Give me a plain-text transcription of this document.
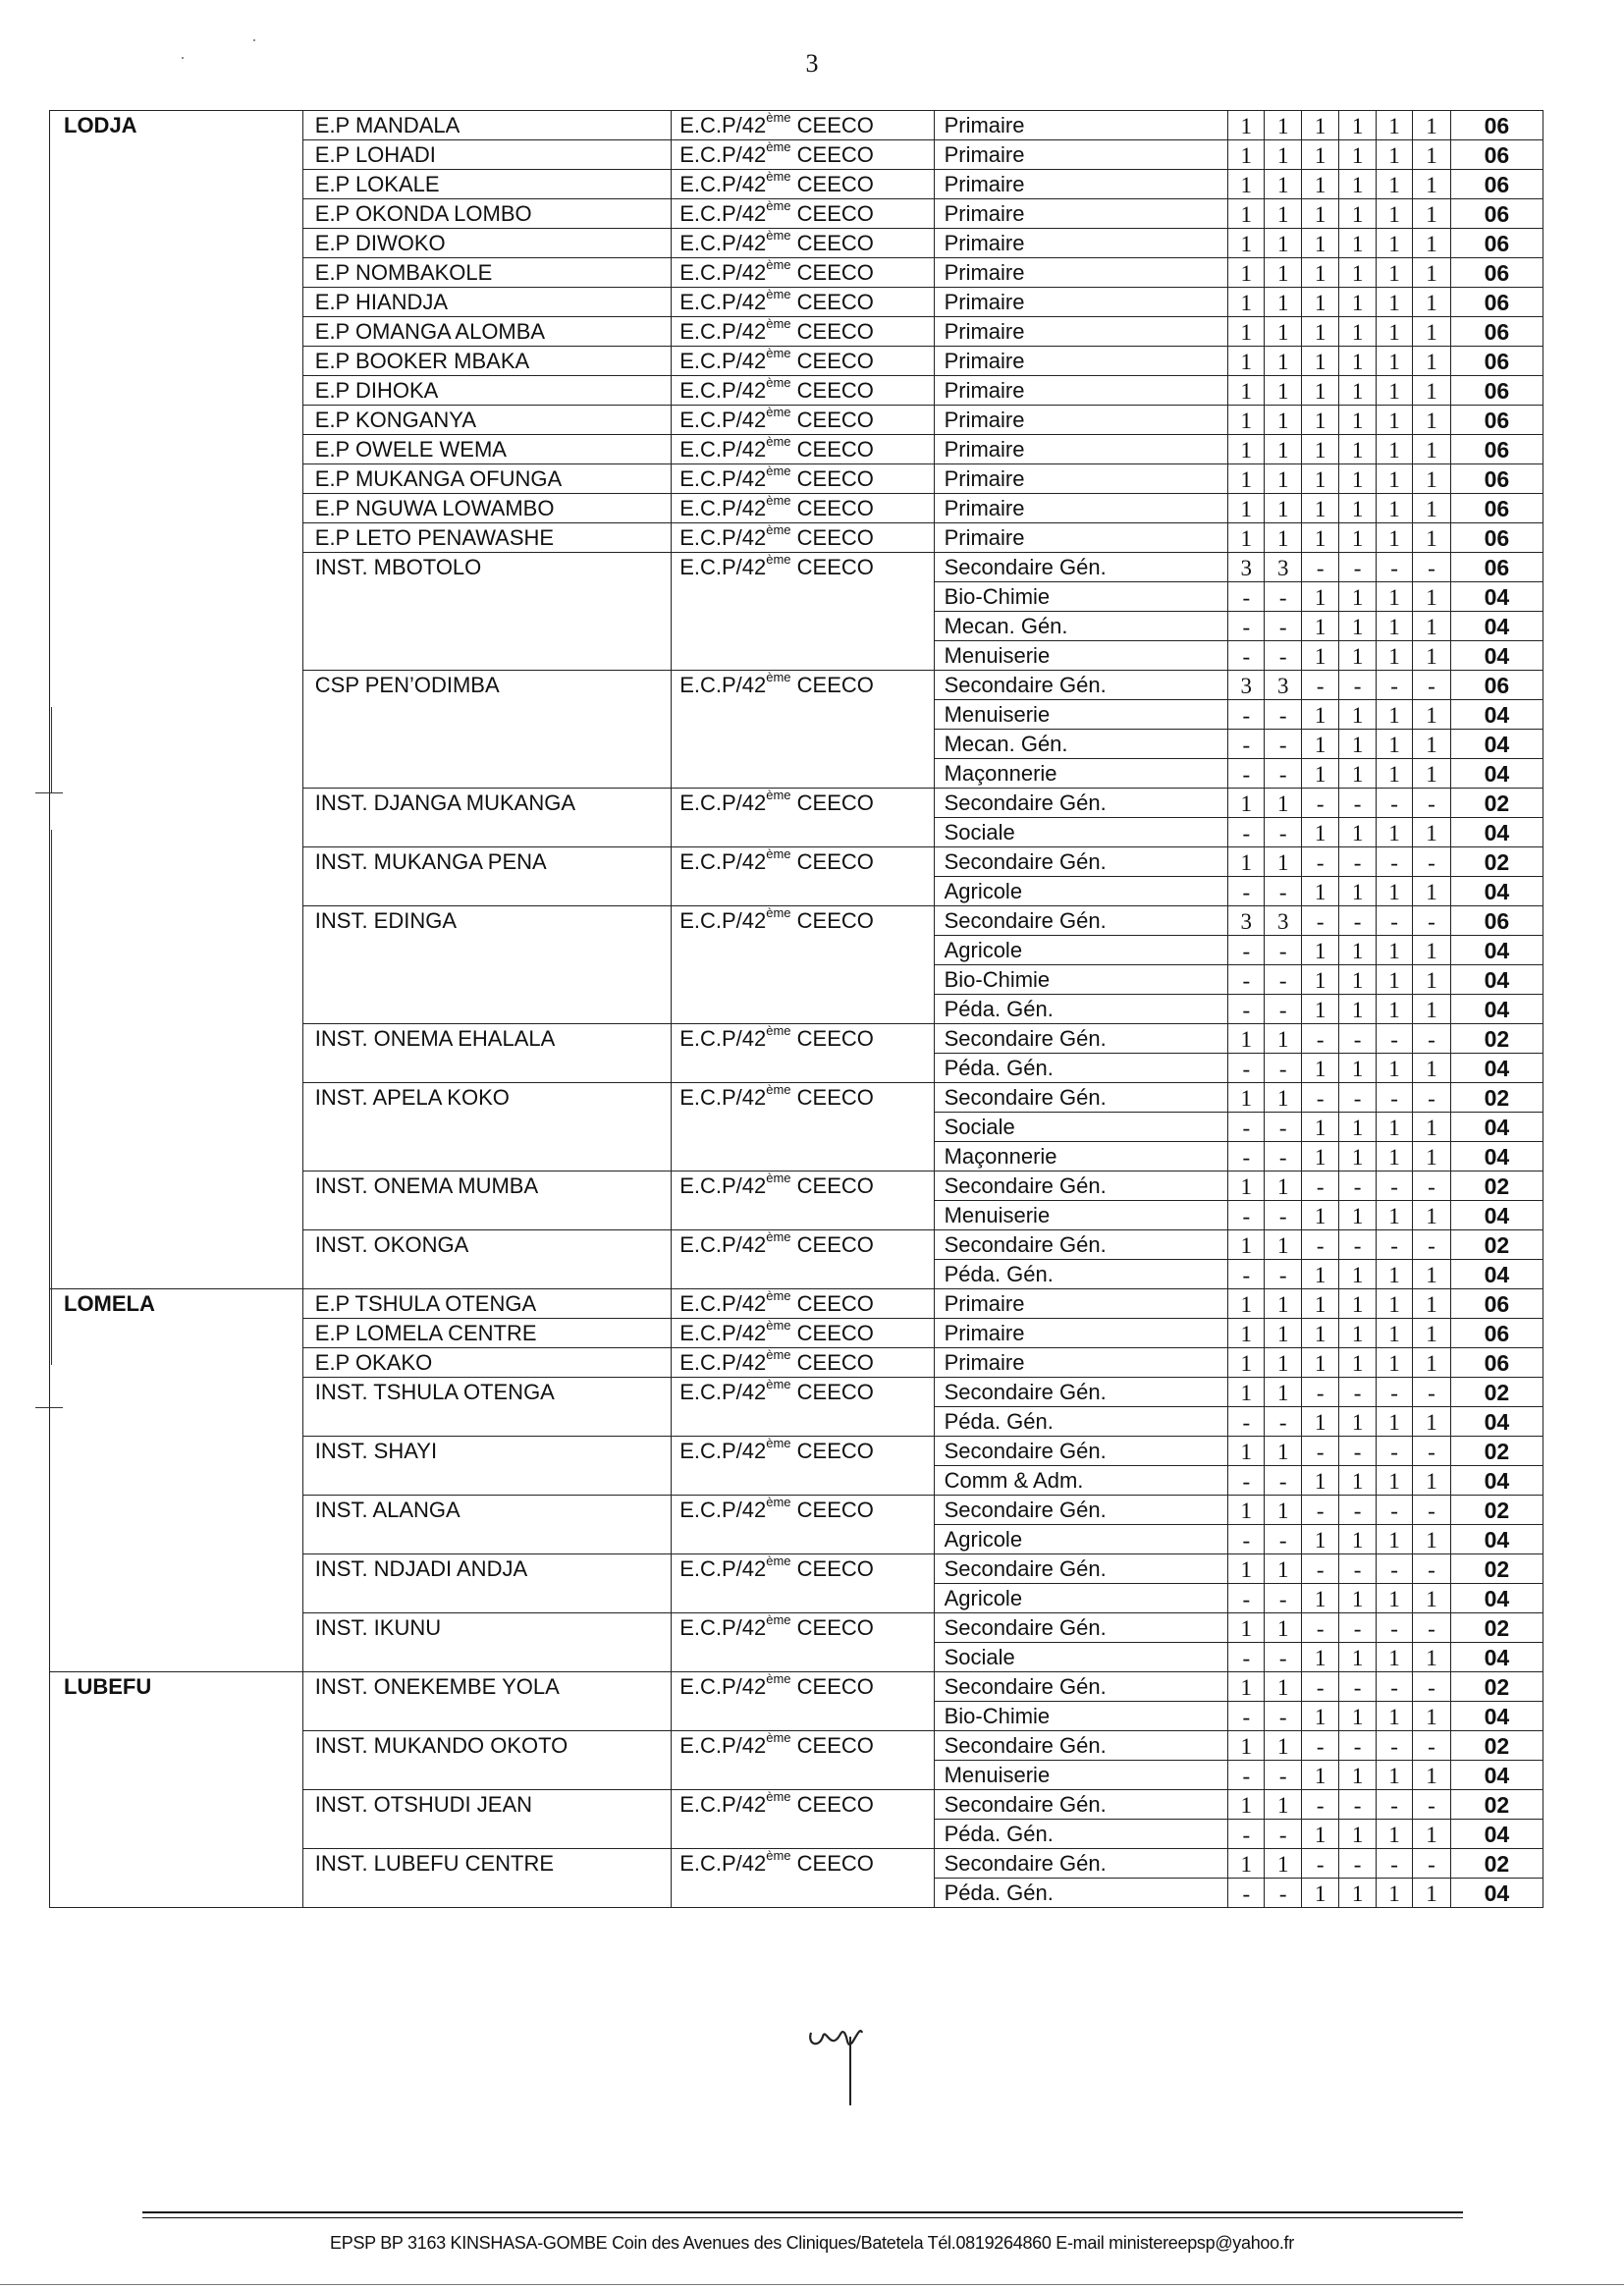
3
LODJA	E.P MANDALA	E.C.P/42ème CEECO	Primaire	1	1	1	1	1	1	06
	E.P LOHADI	E.C.P/42ème CEECO	Primaire	1	1	1	1	1	1	06
	E.P LOKALE	E.C.P/42ème CEECO	Primaire	1	1	1	1	1	1	06
	E.P OKONDA LOMBO	E.C.P/42ème CEECO	Primaire	1	1	1	1	1	1	06
	E.P DIWOKO	E.C.P/42ème CEECO	Primaire	1	1	1	1	1	1	06
	E.P NOMBAKOLE	E.C.P/42ème CEECO	Primaire	1	1	1	1	1	1	06
	E.P HIANDJA	E.C.P/42ème CEECO	Primaire	1	1	1	1	1	1	06
	E.P OMANGA ALOMBA	E.C.P/42ème CEECO	Primaire	1	1	1	1	1	1	06
	E.P BOOKER MBAKA	E.C.P/42ème CEECO	Primaire	1	1	1	1	1	1	06
	E.P DIHOKA	E.C.P/42ème CEECO	Primaire	1	1	1	1	1	1	06
	E.P KONGANYA	E.C.P/42ème CEECO	Primaire	1	1	1	1	1	1	06
	E.P OWELE WEMA	E.C.P/42ème CEECO	Primaire	1	1	1	1	1	1	06
	E.P MUKANGA OFUNGA	E.C.P/42ème CEECO	Primaire	1	1	1	1	1	1	06
	E.P NGUWA LOWAMBO	E.C.P/42ème CEECO	Primaire	1	1	1	1	1	1	06
	E.P LETO PENAWASHE	E.C.P/42ème CEECO	Primaire	1	1	1	1	1	1	06
	INST. MBOTOLO	E.C.P/42ème CEECO	Secondaire Gén.	3	3	-	-	-	-	06
			Bio-Chimie	-	-	1	1	1	1	04
			Mecan. Gén.	-	-	1	1	1	1	04
			Menuiserie	-	-	1	1	1	1	04
	CSP PEN’ODIMBA	E.C.P/42ème CEECO	Secondaire Gén.	3	3	-	-	-	-	06
			Menuiserie	-	-	1	1	1	1	04
			Mecan. Gén.	-	-	1	1	1	1	04
			Maçonnerie	-	-	1	1	1	1	04
	INST. DJANGA MUKANGA	E.C.P/42ème CEECO	Secondaire Gén.	1	1	-	-	-	-	02
			Sociale	-	-	1	1	1	1	04
	INST. MUKANGA PENA	E.C.P/42ème CEECO	Secondaire Gén.	1	1	-	-	-	-	02
			Agricole	-	-	1	1	1	1	04
	INST. EDINGA	E.C.P/42ème CEECO	Secondaire Gén.	3	3	-	-	-	-	06
			Agricole	-	-	1	1	1	1	04
			Bio-Chimie	-	-	1	1	1	1	04
			Péda. Gén.	-	-	1	1	1	1	04
	INST. ONEMA EHALALA	E.C.P/42ème CEECO	Secondaire Gén.	1	1	-	-	-	-	02
			Péda. Gén.	-	-	1	1	1	1	04
	INST. APELA KOKO	E.C.P/42ème CEECO	Secondaire Gén.	1	1	-	-	-	-	02
			Sociale	-	-	1	1	1	1	04
			Maçonnerie	-	-	1	1	1	1	04
	INST. ONEMA MUMBA	E.C.P/42ème CEECO	Secondaire Gén.	1	1	-	-	-	-	02
			Menuiserie	-	-	1	1	1	1	04
	INST. OKONGA	E.C.P/42ème CEECO	Secondaire Gén.	1	1	-	-	-	-	02
			Péda. Gén.	-	-	1	1	1	1	04
LOMELA	E.P TSHULA OTENGA	E.C.P/42ème CEECO	Primaire	1	1	1	1	1	1	06
	E.P LOMELA CENTRE	E.C.P/42ème CEECO	Primaire	1	1	1	1	1	1	06
	E.P OKAKO	E.C.P/42ème CEECO	Primaire	1	1	1	1	1	1	06
	INST. TSHULA OTENGA	E.C.P/42ème CEECO	Secondaire Gén.	1	1	-	-	-	-	02
			Péda. Gén.	-	-	1	1	1	1	04
	INST. SHAYI	E.C.P/42ème CEECO	Secondaire Gén.	1	1	-	-	-	-	02
			Comm & Adm.	-	-	1	1	1	1	04
	INST. ALANGA	E.C.P/42ème CEECO	Secondaire Gén.	1	1	-	-	-	-	02
			Agricole	-	-	1	1	1	1	04
	INST. NDJADI ANDJA	E.C.P/42ème CEECO	Secondaire Gén.	1	1	-	-	-	-	02
			Agricole	-	-	1	1	1	1	04
	INST. IKUNU	E.C.P/42ème CEECO	Secondaire Gén.	1	1	-	-	-	-	02
			Sociale	-	-	1	1	1	1	04
LUBEFU	INST. ONEKEMBE YOLA	E.C.P/42ème CEECO	Secondaire Gén.	1	1	-	-	-	-	02
			Bio-Chimie	-	-	1	1	1	1	04
	INST. MUKANDO OKOTO	E.C.P/42ème CEECO	Secondaire Gén.	1	1	-	-	-	-	02
			Menuiserie	-	-	1	1	1	1	04
	INST. OTSHUDI JEAN	E.C.P/42ème CEECO	Secondaire Gén.	1	1	-	-	-	-	02
			Péda. Gén.	-	-	1	1	1	1	04
	INST. LUBEFU CENTRE	E.C.P/42ème CEECO	Secondaire Gén.	1	1	-	-	-	-	02
			Péda. Gén.	-	-	1	1	1	1	04
EPSP BP 3163 KINSHASA-GOMBE Coin des Avenues des Cliniques/Batetela Tél.0819264860 E-mail ministereepsp@yahoo.fr
